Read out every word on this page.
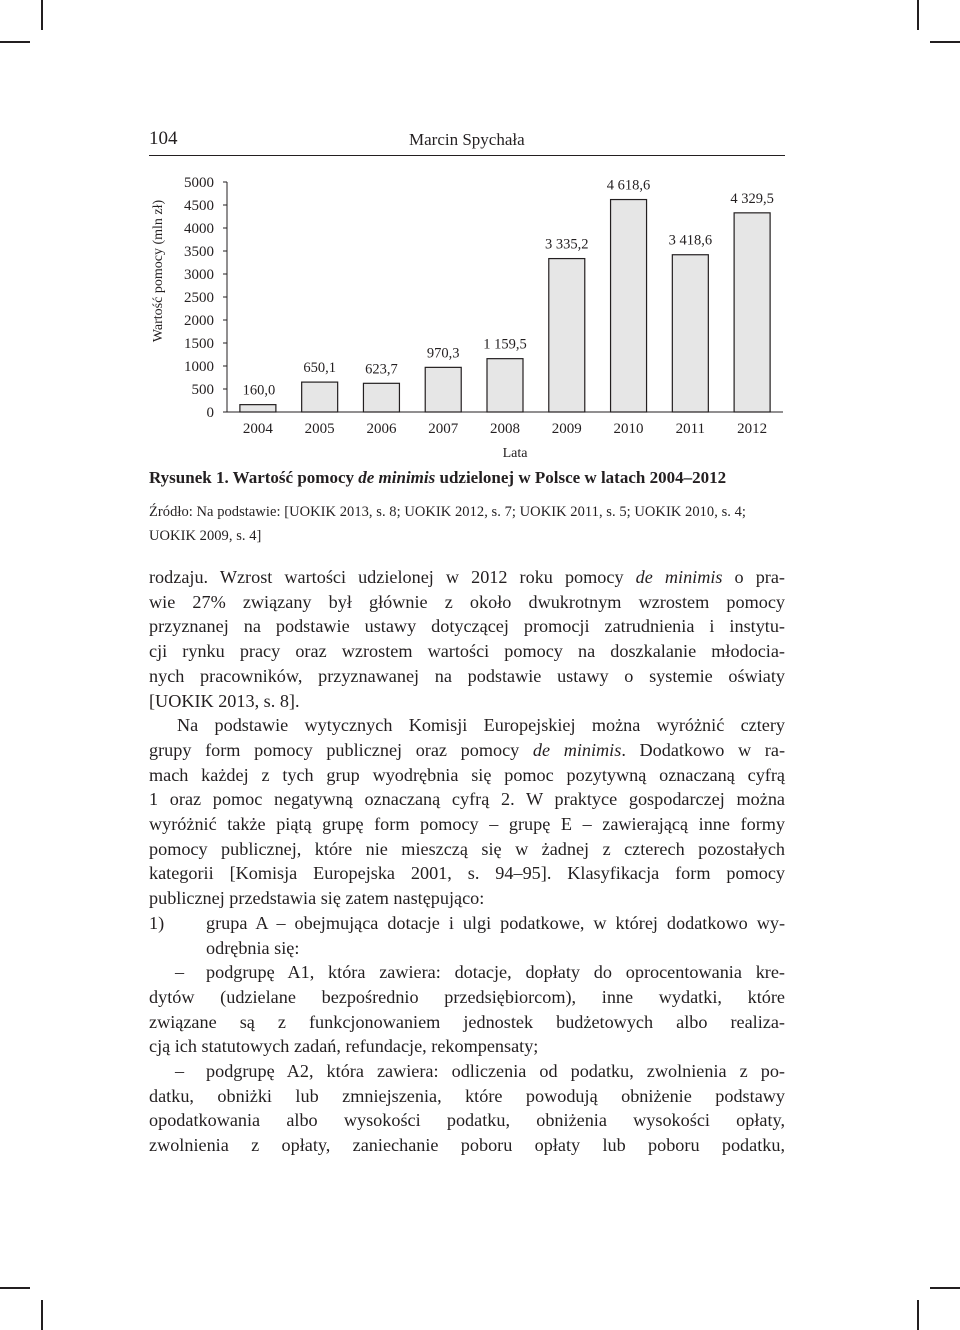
104	Marcin Spychała
0
500
1000
1500
2000
2500
3000
3500
4000
4500
5000
160,0
2004
650,1
2005
623,7
2006
970,3
2007
1 159,5
2008
3 335,2
2009
4 618,6
2010
3 418,6
2011
4 329,5
2012
Lata
Wartość pomocy (mln zł)
Rysunek 1. Wartość pomocy de minimis udzielonej w Polsce w latach 2004–2012
Źródło: Na podstawie: [UOKIK 2013, s. 8; UOKIK 2012, s. 7; UOKIK 2011, s. 5; UOKIK 2010, s. 4; UOKIK 2009, s. 4]

rodzaju. Wzrost wartości udzielonej w 2012 roku pomocy de minimis o pra-

wie 27% związany był głównie z około dwukrotnym wzrostem pomocy

przyznanej na podstawie ustawy dotyczącej promocji zatrudnienia i instytu-

cji rynku pracy oraz wzrostem wartości pomocy na doszkalanie młodocia-

nych pracowników, przyznawanej na podstawie ustawy o systemie oświaty

[UOKIK 2013, s. 8].

Na podstawie wytycznych Komisji Europejskiej można wyróżnić cztery

grupy form pomocy publicznej oraz pomocy de minimis. Dodatkowo w ra-

mach każdej z tych grup wyodrębnia się pomoc pozytywną oznaczaną cyfrą

1 oraz pomoc negatywną oznaczaną cyfrą 2. W praktyce gospodarczej można

wyróżnić także piątą grupę form pomocy – grupę E – zawierającą inne formy

pomocy publicznej, które nie mieszczą się w żadnej z czterech pozostałych

kategorii [Komisja Europejska 2001, s. 94–95]. Klasyfikacja form pomocy

publicznej przedstawia się zatem następująco:

grupa A – obejmująca dotacje i ulgi podatkowe, w której dodatkowo wy-
1)

odrębnia się:

podgrupę A1, która zawiera: dotacje, dopłaty do oprocentowania kre-
–

dytów (udzielane bezpośrednio przedsiębiorcom), inne wydatki, które

związane są z funkcjonowaniem jednostek budżetowych albo realiza-

cją ich statutowych zadań, refundacje, rekompensaty;

podgrupę A2, która zawiera: odliczenia od podatku, zwolnienia z po-
–

datku, obniżki lub zmniejszenia, które powodują obniżenie podstawy

opodatkowania albo wysokości podatku, obniżenia wysokości opłaty,

zwolnienia z opłaty, zaniechanie poboru opłaty lub poboru podatku,
